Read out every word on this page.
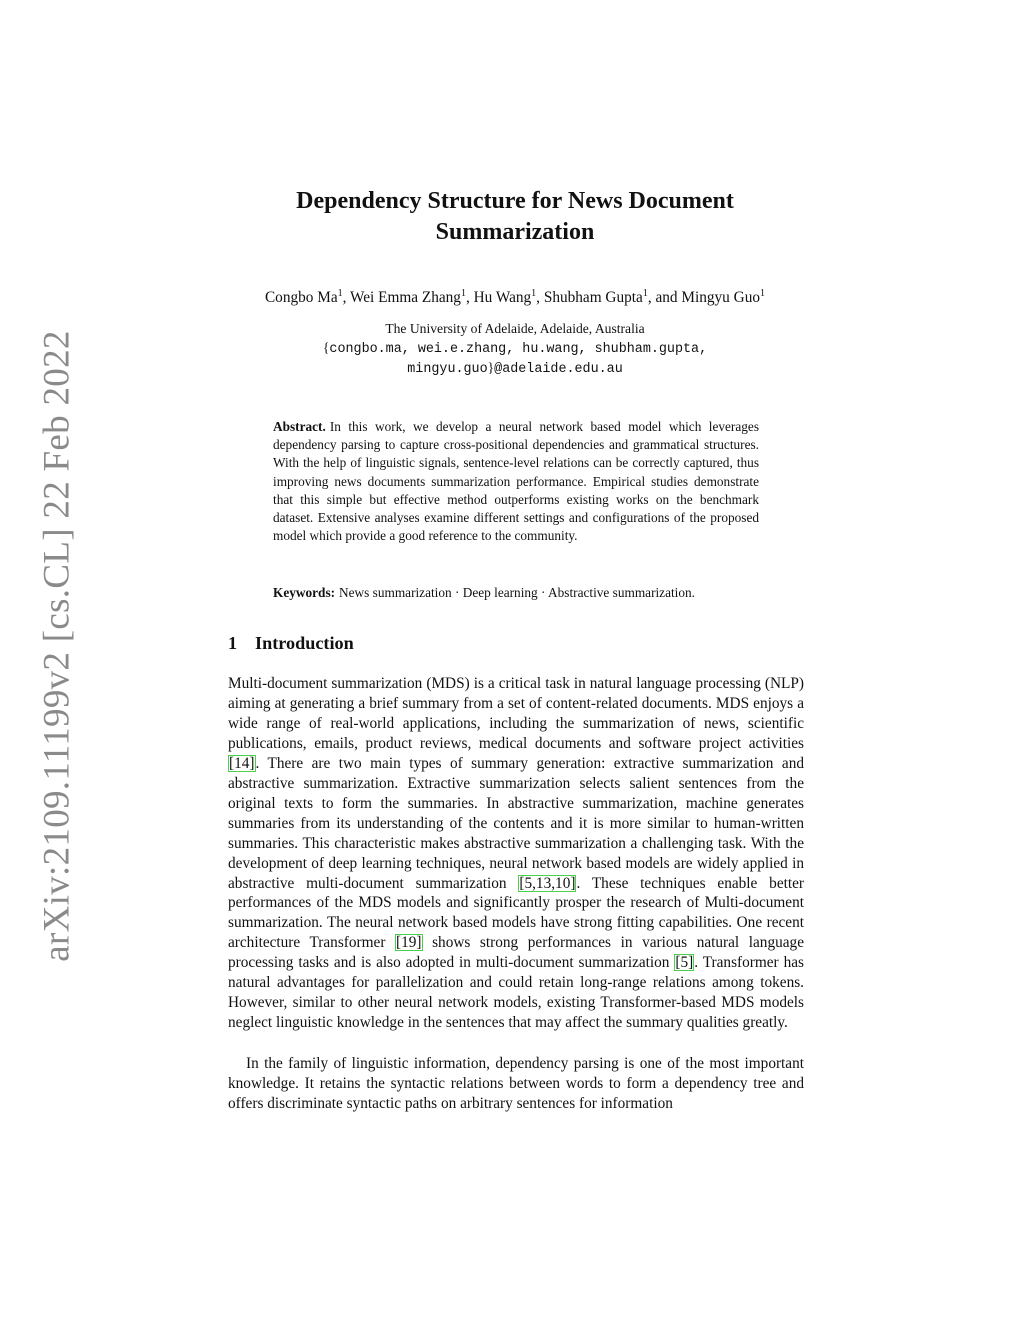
arXiv:2109.11199v2 [cs.CL] 22 Feb 2022
Dependency Structure for News Document
Summarization
Congbo Ma$^1$, Wei Emma Zhang$^1$, Hu Wang$^1$, Shubham Gupta$^1$, and Mingyu Guo$^1$
The University of Adelaide, Adelaide, Australia
{congbo.ma, wei.e.zhang, hu.wang, shubham.gupta,
mingyu.guo}@adelaide.edu.au

Abstract. In this work, we develop a neural network based model which leverages dependency parsing to capture cross-positional dependencies and grammatical structures. With the help of linguistic signals, sentence-level relations can be correctly captured, thus improving news documents summarization performance. Empirical studies demonstrate that this simple but effective method outperforms existing works on the benchmark dataset. Extensive analyses examine different settings and configurations of the proposed model which provide a good reference to the community.

Keywords: News summarization · Deep learning · Abstractive summarization.

1 Introduction

Multi-document summarization (MDS) is a critical task in natural language processing (NLP) aiming at generating a brief summary from a set of content-related documents. MDS enjoys a wide range of real-world applications, including the summarization of news, scientific publications, emails, product reviews, medical documents and software project activities [14]. There are two main types of summary generation: extractive summarization and abstractive summarization. Extractive summarization selects salient sentences from the original texts to form the summaries. In abstractive summarization, machine generates summaries from its understanding of the contents and it is more similar to human-written summaries. This characteristic makes abstractive summarization a challenging task. With the development of deep learning techniques, neural network based models are widely applied in abstractive multi-document summarization [5,13,10]. These techniques enable better performances of the MDS models and significantly prosper the research of Multi-document summarization. The neural network based models have strong fitting capabilities. One recent architecture Transformer [19] shows strong performances in various natural language processing tasks and is also adopted in multi-document summarization [5]. Transformer has natural advantages for parallelization and could retain long-range relations among tokens. However, similar to other neural network models, existing Transformer-based MDS models neglect linguistic knowledge in the sentences that may affect the summary qualities greatly.

In the family of linguistic information, dependency parsing is one of the most important knowledge. It retains the syntactic relations between words to form a dependency tree and offers discriminate syntactic paths on arbitrary sentences for information
